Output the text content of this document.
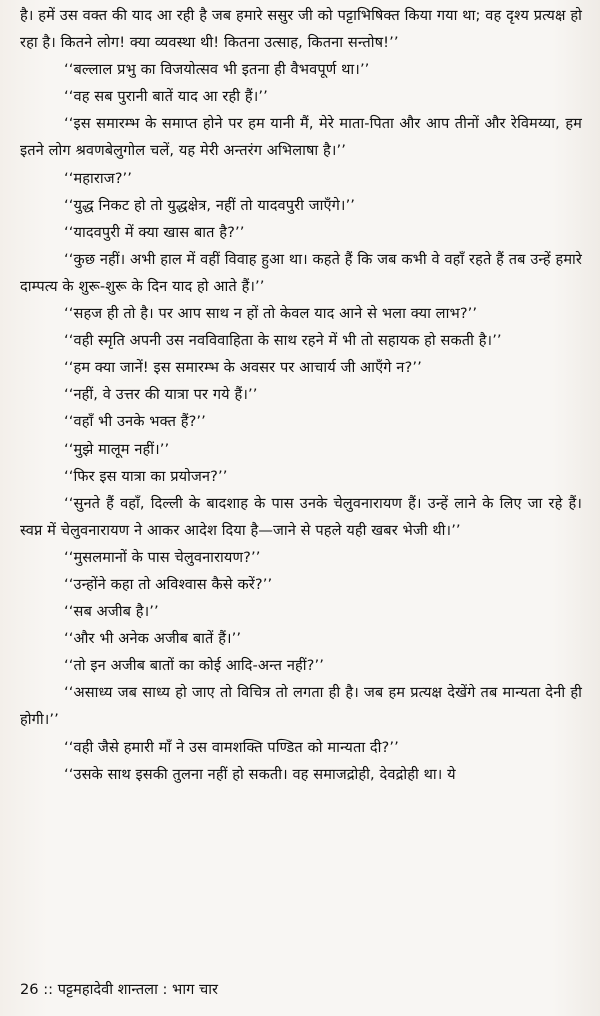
है। हमें उस वक्त की याद आ रही है जब हमारे ससुर जी को पट्टाभिषिक्त किया गया था; वह दृश्य प्रत्यक्ष हो रहा है। कितने लोग! क्या व्यवस्था थी! कितना उत्साह, कितना सन्तोष!’’

‘‘बल्लाल प्रभु का विजयोत्सव भी इतना ही वैभवपूर्ण था।’’

‘‘वह सब पुरानी बातें याद आ रही हैं।’’

‘‘इस समारम्भ के समाप्त होने पर हम यानी मैं, मेरे माता-पिता और आप तीनों और रेविमय्या, हम इतने लोग श्रवणबेलुगोल चलें, यह मेरी अन्तरंग अभिलाषा है।’’

‘‘महाराज?’’

‘‘युद्ध निकट हो तो युद्धक्षेत्र, नहीं तो यादवपुरी जाएँगे।’’

‘‘यादवपुरी में क्या खास बात है?’’

‘‘कुछ नहीं। अभी हाल में वहीं विवाह हुआ था। कहते हैं कि जब कभी वे वहाँ रहते हैं तब उन्हें हमारे दाम्पत्य के शुरू-शुरू के दिन याद हो आते हैं।’’

‘‘सहज ही तो है। पर आप साथ न हों तो केवल याद आने से भला क्या लाभ?’’

‘‘वही स्मृति अपनी उस नवविवाहिता के साथ रहने में भी तो सहायक हो सकती है।’’

‘‘हम क्या जानें! इस समारम्भ के अवसर पर आचार्य जी आएँगे न?’’

‘‘नहीं, वे उत्तर की यात्रा पर गये हैं।’’

‘‘वहाँ भी उनके भक्त हैं?’’

‘‘मुझे मालूम नहीं।’’

‘‘फिर इस यात्रा का प्रयोजन?’’

‘‘सुनते हैं वहाँ, दिल्ली के बादशाह के पास उनके चेलुवनारायण हैं। उन्हें लाने के लिए जा रहे हैं। स्वप्न में चेलुवनारायण ने आकर आदेश दिया है—जाने से पहले यही खबर भेजी थी।’’

‘‘मुसलमानों के पास चेलुवनारायण?’’

‘‘उन्होंने कहा तो अविश्वास कैसे करें?’’

‘‘सब अजीब है।’’

‘‘और भी अनेक अजीब बातें हैं।’’

‘‘तो इन अजीब बातों का कोई आदि-अन्त नहीं?’’

‘‘असाध्य जब साध्य हो जाए तो विचित्र तो लगता ही है। जब हम प्रत्यक्ष देखेंगे तब मान्यता देनी ही होगी।’’

‘‘वही जैसे हमारी माँ ने उस वामशक्ति पण्डित को मान्यता दी?’’

‘‘उसके साथ इसकी तुलना नहीं हो सकती। वह समाजद्रोही, देवद्रोही था। ये

26 :: पट्टमहादेवी शान्तला : भाग चार
